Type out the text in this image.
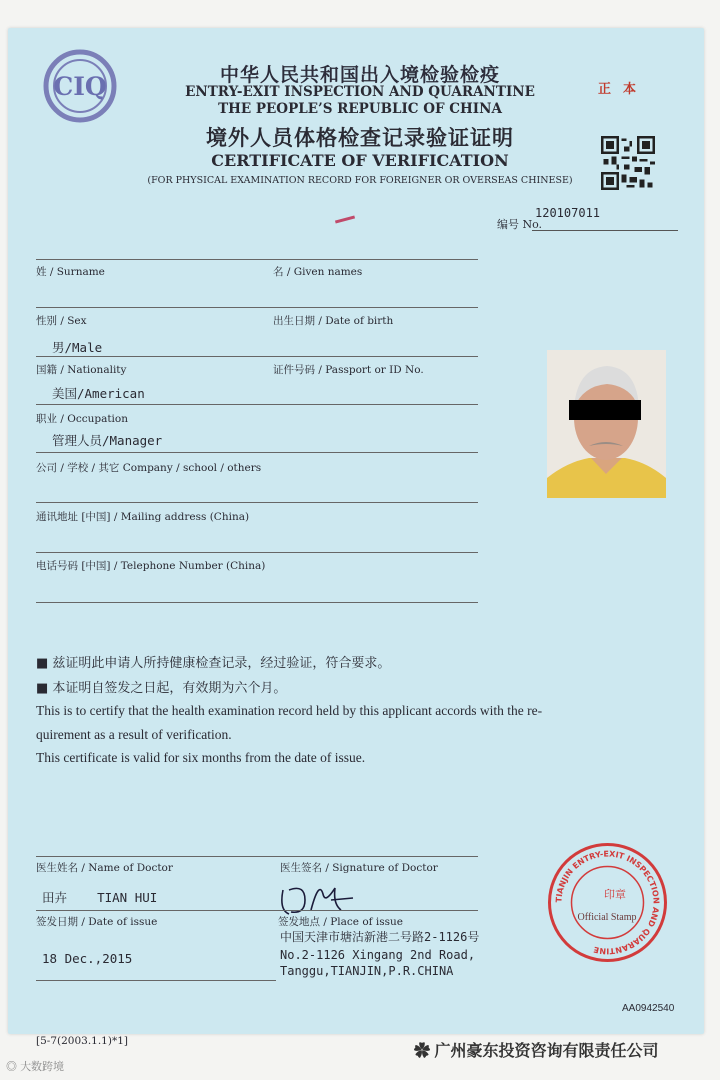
CIQ	中华人民共和国出入境检验检疫
ENTRY-EXIT INSPECTION AND QUARANTINE
THE PEOPLE’S REPUBLIC OF CHINA
境外人员体格检查记录验证证明
CERTIFICATE OF VERIFICATION
(FOR PHYSICAL EXAMINATION RECORD FOR FOREIGNER OR OVERSEAS CHINESE)
正本
编号 No.
120107011
姓 / Surname	名 / Given names
性别 / Sex	出生日期 / Date of birth
男/Male
国籍 / Nationality	证件号码 / Passport or ID No.
美国/American
职业 / Occupation
管理人员/Manager
公司 / 学校 / 其它 Company / school / others
通讯地址 [中国] / Mailing address (China)
电话号码 [中国] / Telephone Number (China)
■ 兹证明此申请人所持健康检查记录，经过验证，符合要求。
■ 本证明自签发之日起，有效期为六个月。
This is to certify that the health examination record held by this applicant accords with the re-
quirement as a result of verification.
This certificate is valid for six months from the date of issue.
医生姓名 / Name of Doctor	医生签名 / Signature of Doctor
田卉    TIAN HUI
签发日期 / Date of issue	签发地点 / Place of issue
18 Dec.,2015
中国天津市塘沽新港二号路2-1126号
No.2-1126 Xingang 2nd Road,
Tanggu,TIANJIN,P.R.CHINA
TIANJIN ENTRY-EXIT INSPECTION AND QUARANTINE
印章
Official Stamp
AA0942540
[5-7(2003.1.1)*1]
✿ 广州豪东投资咨询有限责任公司
◎ 大数跨境
